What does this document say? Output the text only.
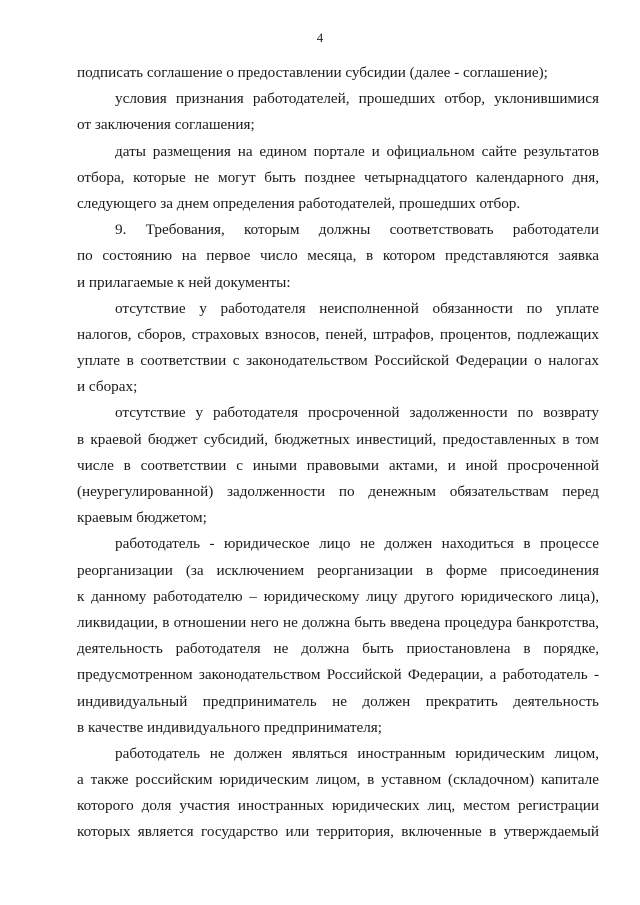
4
подписать соглашение о предоставлении субсидии (далее - соглашение);
условия признания работодателей, прошедших отбор, уклонившимися
от заключения соглашения;
даты размещения на едином портале и официальном сайте результатов
отбора, которые не могут быть позднее четырнадцатого календарного дня,
следующего за днем определения работодателей, прошедших отбор.
9. Требования, которым должны соответствовать работодатели
по состоянию на первое число месяца, в котором представляются заявка
и прилагаемые к ней документы:
отсутствие у работодателя неисполненной обязанности по уплате
налогов, сборов, страховых взносов, пеней, штрафов, процентов, подлежащих
уплате в соответствии с законодательством Российской Федерации о налогах
и сборах;
отсутствие у работодателя просроченной задолженности по возврату
в краевой бюджет субсидий, бюджетных инвестиций, предоставленных в том
числе в соответствии с иными правовыми актами, и иной просроченной
(неурегулированной) задолженности по денежным обязательствам перед
краевым бюджетом;
работодатель - юридическое лицо не должен находиться в процессе
реорганизации (за исключением реорганизации в форме присоединения
к данному работодателю – юридическому лицу другого юридического лица),
ликвидации, в отношении него не должна быть введена процедура банкротства,
деятельность работодателя не должна быть приостановлена в порядке,
предусмотренном законодательством Российской Федерации, а работодатель -
индивидуальный предприниматель не должен прекратить деятельность
в качестве индивидуального предпринимателя;
работодатель не должен являться иностранным юридическим лицом,
а также российским юридическим лицом, в уставном (складочном) капитале
которого доля участия иностранных юридических лиц, местом регистрации
которых является государство или территория, включенные в утверждаемый
